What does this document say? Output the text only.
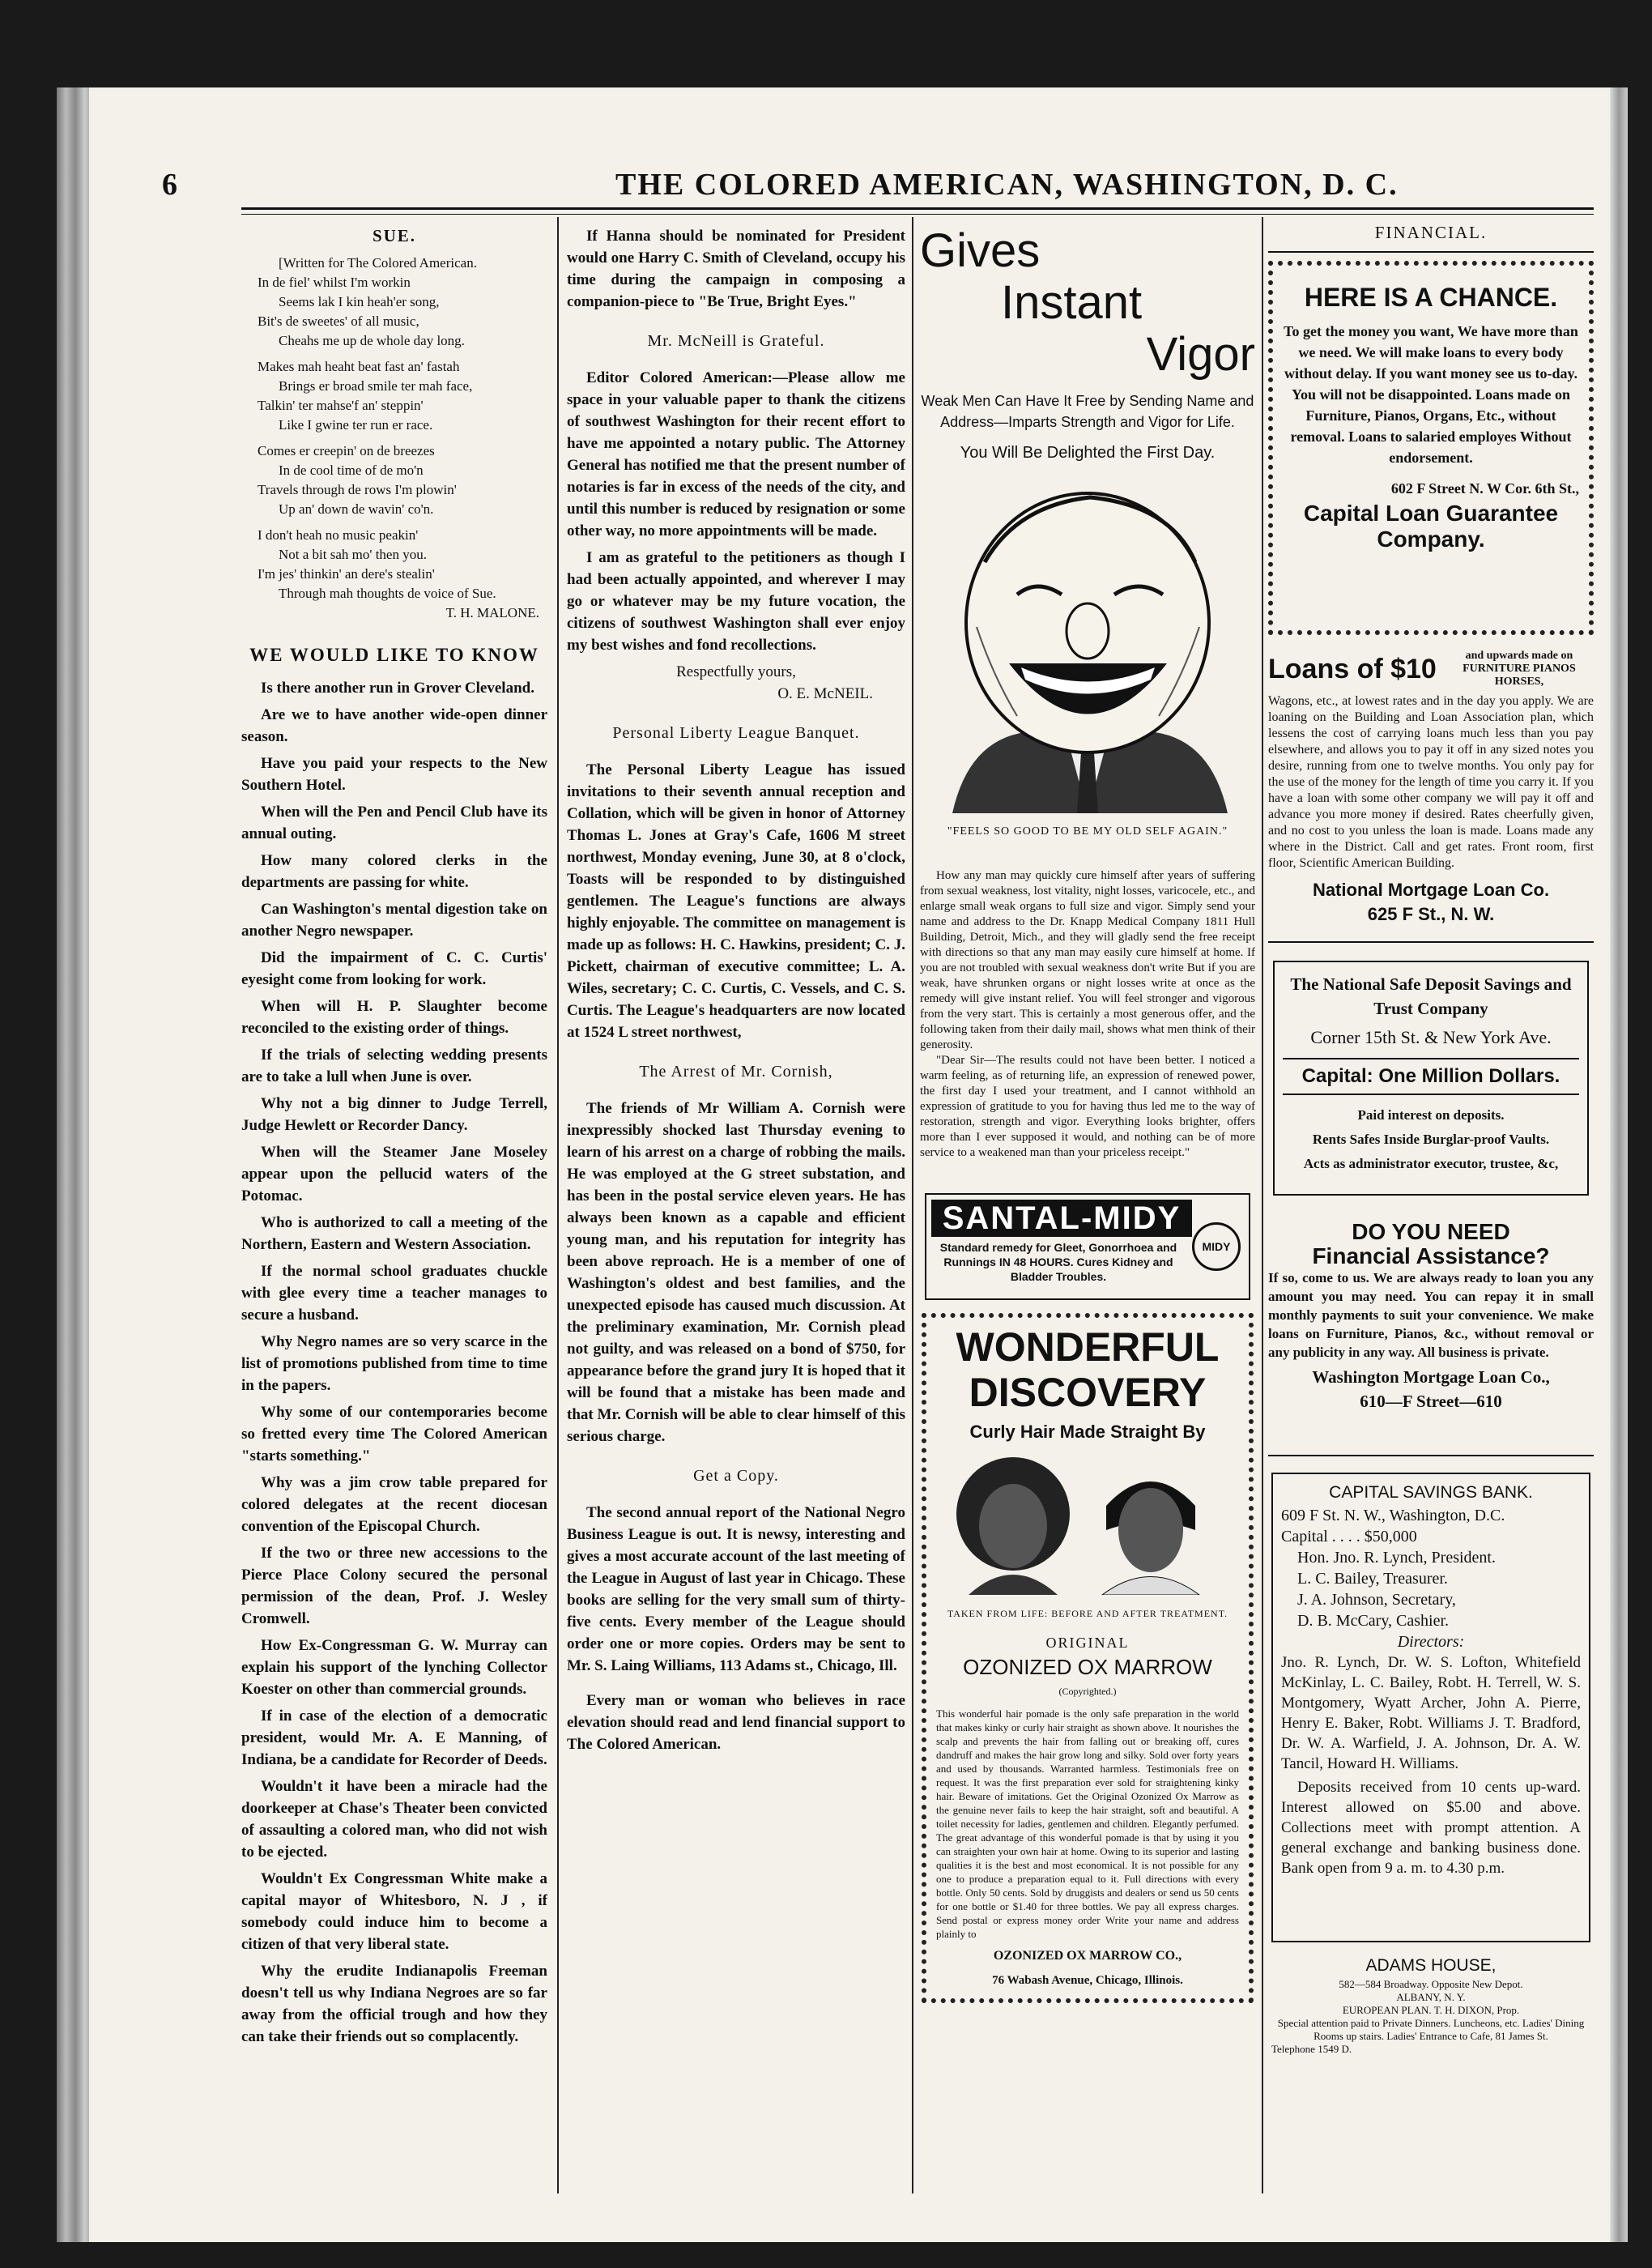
6	THE COLORED AMERICAN, WASHINGTON, D. C.
SUE.
[Written for The Colored American.
In de fiel' whilst I'm workin
Seems lak I kin heah'er song,
Bit's de sweetes' of all music,
Cheahs me up de whole day long.
Makes mah heaht beat fast an' fastah
Brings er broad smile ter mah face,
Talkin' ter mahse'f an' steppin'
Like I gwine ter run er race.
Comes er creepin' on de breezes
In de cool time of de mo'n
Travels through de rows I'm plowin'
Up an' down de wavin' co'n.
I don't heah no music peakin'
Not a bit sah mo' then you.
I'm jes' thinkin' an dere's stealin'
Through mah thoughts de voice of Sue.
T. H. MALONE.
WE WOULD LIKE TO KNOW

Is there another run in Grover Cleveland.

Are we to have another wide-open dinner season.

Have you paid your respects to the New Southern Hotel.

When will the Pen and Pencil Club have its annual outing.

How many colored clerks in the departments are passing for white.

Can Washington's mental digestion take on another Negro newspaper.

Did the impairment of C. C. Curtis' eyesight come from looking for work.

When will H. P. Slaughter become reconciled to the existing order of things.

If the trials of selecting wedding presents are to take a lull when June is over.

Why not a big dinner to Judge Terrell, Judge Hewlett or Recorder Dancy.

When will the Steamer Jane Moseley appear upon the pellucid waters of the Potomac.

Who is authorized to call a meeting of the Northern, Eastern and Western Association.

If the normal school graduates chuckle with glee every time a teacher manages to secure a husband.

Why Negro names are so very scarce in the list of promotions published from time to time in the papers.

Why some of our contemporaries become so fretted every time The Colored American "starts something."

Why was a jim crow table prepared for colored delegates at the recent diocesan convention of the Episcopal Church.

If the two or three new accessions to the Pierce Place Colony secured the personal permission of the dean, Prof. J. Wesley Cromwell.

How Ex-Congressman G. W. Murray can explain his support of the lynching Collector Koester on other than commercial grounds.

If in case of the election of a democratic president, would Mr. A. E Manning, of Indiana, be a candidate for Recorder of Deeds.

Wouldn't it have been a miracle had the doorkeeper at Chase's Theater been convicted of assaulting a colored man, who did not wish to be ejected.

Wouldn't Ex Congressman White make a capital mayor of Whitesboro, N. J , if somebody could induce him to become a citizen of that very liberal state.

Why the erudite Indianapolis Freeman doesn't tell us why Indiana Negroes are so far away from the official trough and how they can take their friends out so complacently.

If Hanna should be nominated for President would one Harry C. Smith of Cleveland, occupy his time during the campaign in composing a companion-piece to "Be True, Bright Eyes."

Mr. McNeill is Grateful.

Editor Colored American:—Please allow me space in your valuable paper to thank the citizens of southwest Washington for their recent effort to have me appointed a notary public. The Attorney General has notified me that the present number of notaries is far in excess of the needs of the city, and until this number is reduced by resignation or some other way, no more appointments will be made.

I am as grateful to the petitioners as though I had been actually appointed, and wherever I may go or whatever may be my future vocation, the citizens of southwest Washington shall ever enjoy my best wishes and fond recollections.

Respectfully yours,
O. E. McNEIL.
Personal Liberty League Banquet.

The Personal Liberty League has issued invitations to their seventh annual reception and Collation, which will be given in honor of Attorney Thomas L. Jones at Gray's Cafe, 1606 M street northwest, Monday evening, June 30, at 8 o'clock, Toasts will be responded to by distinguished gentlemen. The League's functions are always highly enjoyable. The committee on management is made up as follows: H. C. Hawkins, president; C. J. Pickett, chairman of executive committee; L. A. Wiles, secretary; C. C. Curtis, C. Vessels, and C. S. Curtis. The League's headquarters are now located at 1524 L street northwest,

The Arrest of Mr. Cornish,

The friends of Mr William A. Cornish were inexpressibly shocked last Thursday evening to learn of his arrest on a charge of robbing the mails. He was employed at the G street substation, and has been in the postal service eleven years. He has always been known as a capable and efficient young man, and his reputation for integrity has been above reproach. He is a member of one of Washington's oldest and best families, and the unexpected episode has caused much discussion. At the preliminary examination, Mr. Cornish plead not guilty, and was released on a bond of $750, for appearance before the grand jury It is hoped that it will be found that a mistake has been made and that Mr. Cornish will be able to clear himself of this serious charge.

Get a Copy.

The second annual report of the National Negro Business League is out. It is newsy, interesting and gives a most accurate account of the last meeting of the League in August of last year in Chicago. These books are selling for the very small sum of thirty-five cents. Every member of the League should order one or more copies. Orders may be sent to Mr. S. Laing Williams, 113 Adams st., Chicago, Ill.

Every man or woman who believes in race elevation should read and lend financial support to The Colored American.

Gives
Instant
Vigor
Weak Men Can Have It Free by Sending Name and Address—Imparts Strength and Vigor for Life.
You Will Be Delighted the First Day.
"FEELS SO GOOD TO BE MY OLD SELF AGAIN."
How any man may quickly cure himself after years of suffering from sexual weakness, lost vitality, night losses, varicocele, etc., and enlarge small weak organs to full size and vigor. Simply send your name and address to the Dr. Knapp Medical Company 1811 Hull Building, Detroit, Mich., and they will gladly send the free receipt with directions so that any man may easily cure himself at home. If you are not troubled with sexual weakness don't write But if you are weak, have shrunken organs or night losses write at once as the remedy will give instant relief. You will feel stronger and vigorous from the very start. This is certainly a most generous offer, and the following taken from their daily mail, shows what men think of their generosity.
"Dear Sir—The results could not have been better. I noticed a warm feeling, as of returning life, an expression of renewed power, the first day I used your treatment, and I cannot withhold an expression of gratitude to you for having thus led me to the way of restoration, strength and vigor. Everything looks brighter, offers more than I ever supposed it would, and nothing can be of more service to a weakened man than your priceless receipt."
SANTAL-MIDY
Standard remedy for Gleet, Gonorrhoea and Runnings IN 48 HOURS. Cures Kidney and Bladder Troubles.
MIDY
WONDERFUL
DISCOVERY
Curly Hair Made Straight By
TAKEN FROM LIFE: BEFORE AND AFTER TREATMENT.
ORIGINAL
OZONIZED OX MARROW
(Copyrighted.)
This wonderful hair pomade is the only safe preparation in the world that makes kinky or curly hair straight as shown above. It nourishes the scalp and prevents the hair from falling out or breaking off, cures dandruff and makes the hair grow long and silky. Sold over forty years and used by thousands. Warranted harmless. Testimonials free on request. It was the first preparation ever sold for straightening kinky hair. Beware of imitations. Get the Original Ozonized Ox Marrow as the genuine never fails to keep the hair straight, soft and beautiful. A toilet necessity for ladies, gentlemen and children. Elegantly perfumed. The great advantage of this wonderful pomade is that by using it you can straighten your own hair at home. Owing to its superior and lasting qualities it is the best and most economical. It is not possible for any one to produce a preparation equal to it. Full directions with every bottle. Only 50 cents. Sold by druggists and dealers or send us 50 cents for one bottle or $1.40 for three bottles. We pay all express charges. Send postal or express money order Write your name and address plainly to
OZONIZED OX MARROW CO.,
76 Wabash Avenue, Chicago, Illinois.
FINANCIAL.
HERE IS A CHANCE.
To get the money you want, We have more than we need. We will make loans to every body without delay. If you want money see us to-day. You will not be disappointed. Loans made on Furniture, Pianos, Organs, Etc., without removal. Loans to salaried employes Without endorsement.
602 F Street N. W Cor. 6th St.,
Capital Loan Guarantee Company.
Loans of $10	and upwards made on FURNITURE PIANOS HORSES,
Wagons, etc., at lowest rates and in the day you apply. We are loaning on the Building and Loan Association plan, which lessens the cost of carrying loans much less than you pay elsewhere, and allows you to pay it off in any sized notes you desire, running from one to twelve months. You only pay for the use of the money for the length of time you carry it. If you have a loan with some other company we will pay it off and advance you more money if desired. Rates cheerfully given, and no cost to you unless the loan is made. Loans made any where in the District. Call and get rates. Front room, first floor, Scientific American Building.
National Mortgage Loan Co.
625 F St., N. W.
The National Safe Deposit Savings and Trust Company
Corner 15th St. & New York Ave.
Capital: One Million Dollars.
Paid interest on deposits.
Rents Safes Inside Burglar-proof Vaults.
Acts as administrator executor, trustee, &c,
DO YOU NEED
Financial Assistance?
If so, come to us. We are always ready to loan you any amount you may need. You can repay it in small monthly payments to suit your convenience. We make loans on Furniture, Pianos, &c., without removal or any publicity in any way. All business is private.
Washington Mortgage Loan Co.,
610—F Street—610
CAPITAL SAVINGS BANK.
609 F St. N. W., Washington, D.C.
Capital . . . . $50,000
Hon. Jno. R. Lynch, President.
L. C. Bailey, Treasurer.
J. A. Johnson, Secretary,
D. B. McCary, Cashier.
Directors:
Jno. R. Lynch, Dr. W. S. Lofton, Whitefield McKinlay, L. C. Bailey, Robt. H. Terrell, W. S. Montgomery, Wyatt Archer, John A. Pierre, Henry E. Baker, Robt. Williams J. T. Bradford, Dr. W. A. Warfield, J. A. Johnson, Dr. A. W. Tancil, Howard H. Williams.
Deposits received from 10 cents up-ward. Interest allowed on $5.00 and above. Collections meet with prompt attention. A general exchange and banking business done. Bank open from 9 a. m. to 4.30 p.m.
ADAMS HOUSE,
582—584 Broadway. Opposite New Depot.
ALBANY, N. Y.
EUROPEAN PLAN. T. H. DIXON, Prop.
Special attention paid to Private Dinners. Luncheons, etc. Ladies' Dining Rooms up stairs. Ladies' Entrance to Cafe, 81 James St.
Telephone 1549 D.
